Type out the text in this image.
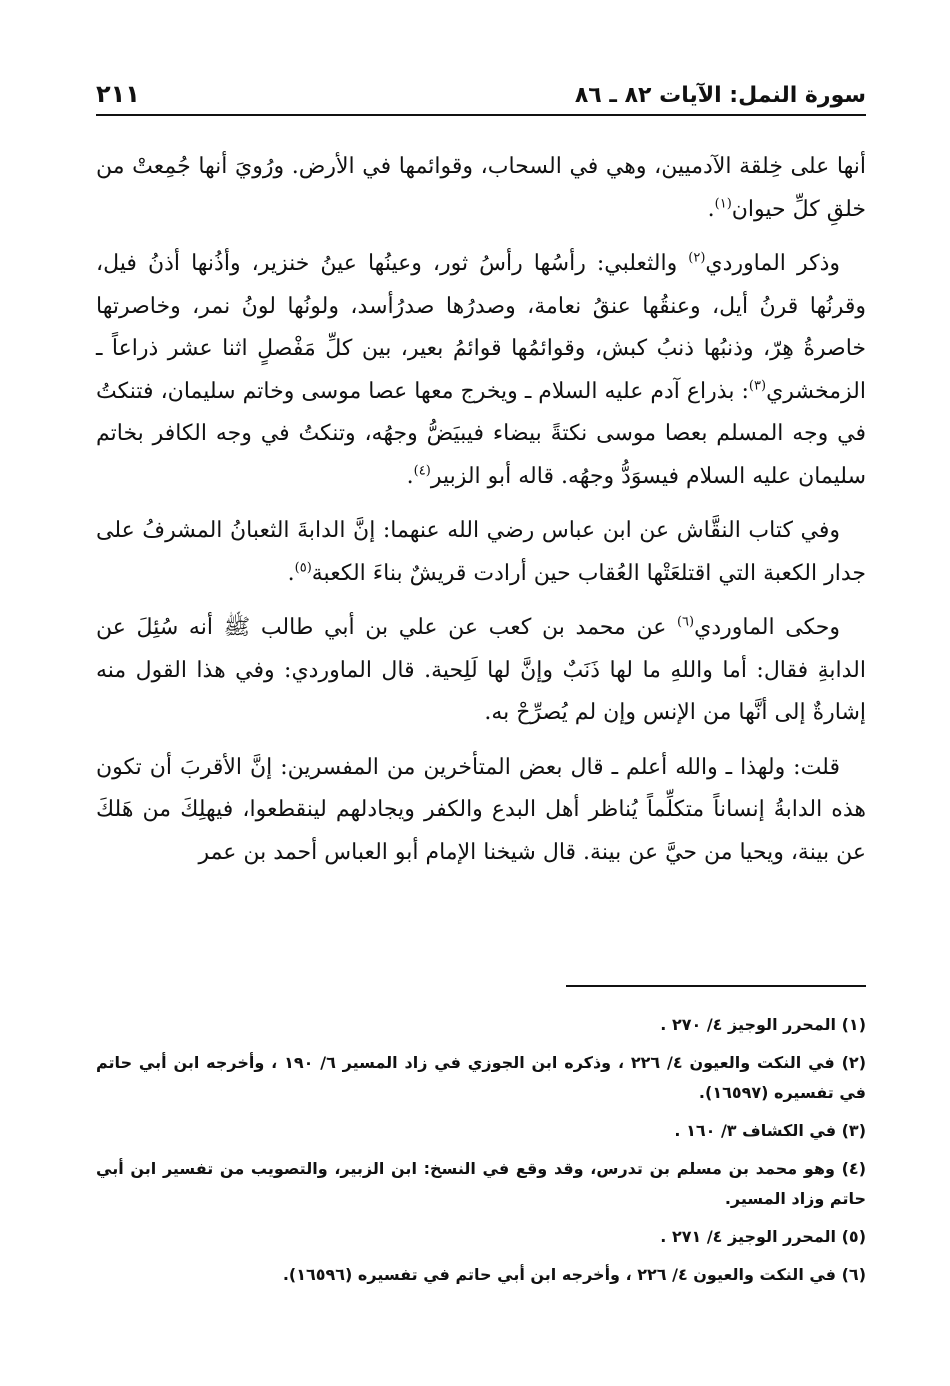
سورة النمل: الآيات ٨٢ ـ ٨٦
٢١١

أنها على خِلقة الآدميين، وهي في السحاب، وقوائمها في الأرض. ورُويَ أنها جُمِعتْ من خلقِ كلِّ حيوان$^{(١)}$.

وذكر الماوردي$^{(٢)}$ والثعلبي: رأسُها رأسُ ثور، وعينُها عينُ خنزير، وأذُنها أذنُ فيل، وقرنُها قرنُ أيل، وعنقُها عنقُ نعامة، وصدرُها صدرُأسد، ولونُها لونُ نمر، وخاصرتها خاصرةُ هِرّ، وذنبُها ذنبُ كبش، وقوائمُها قوائمُ بعير، بين كلِّ مَفْصلٍ اثنا عشر ذراعاً ـ الزمخشري$^{(٣)}$: بذراع آدم عليه السلام ـ ويخرج معها عصا موسى وخاتم سليمان، فتنكتُ في وجه المسلم بعصا موسى نكتةً بيضاء فيبيَضُّ وجهُه، وتنكتُ في وجه الكافر بخاتم سليمان عليه السلام فيسوَدُّ وجهُه. قاله أبو الزبير$^{(٤)}$.

وفي كتاب النقَّاش عن ابن عباس رضي الله عنهما: إنَّ الدابةَ الثعبانُ المشرفُ على جدار الكعبة التي اقتلعَتْها العُقاب حين أرادت قريشٌ بناءَ الكعبة$^{(٥)}$.

وحكى الماوردي$^{(٦)}$ عن محمد بن كعب عن علي بن أبي طالب ﷺ أنه سُئِلَ عن الدابةِ فقال: أما واللهِ ما لها ذَنَبٌ وإنَّ لها لَلِحية. قال الماوردي: وفي هذا القول منه إشارةٌ إلى أنَّها من الإنس وإن لم يُصرِّحْ به.

قلت: ولهذا ـ والله أعلم ـ قال بعض المتأخرين من المفسرين: إنَّ الأقربَ أن تكون هذه الدابةُ إنساناً متكلِّماً يُناظر أهل البدع والكفر ويجادلهم لينقطعوا، فيهلِكَ من هَلكَ عن بينة، ويحيا من حيَّ عن بينة. قال شيخنا الإمام أبو العباس أحمد بن عمر

(١) المحرر الوجيز ٤/ ٢٧٠ .
(٢) في النكت والعيون ٤/ ٢٢٦ ، وذكره ابن الجوزي في زاد المسير ٦/ ١٩٠ ، وأخرجه ابن أبي حاتم في تفسيره (١٦٥٩٧).
(٣) في الكشاف ٣/ ١٦٠ .
(٤) وهو محمد بن مسلم بن تدرس، وقد وقع في النسخ: ابن الزبير، والتصويب من تفسير ابن أبي حاتم وزاد المسير.
(٥) المحرر الوجيز ٤/ ٢٧١ .
(٦) في النكت والعيون ٤/ ٢٢٦ ، وأخرجه ابن أبي حاتم في تفسيره (١٦٥٩٦).
